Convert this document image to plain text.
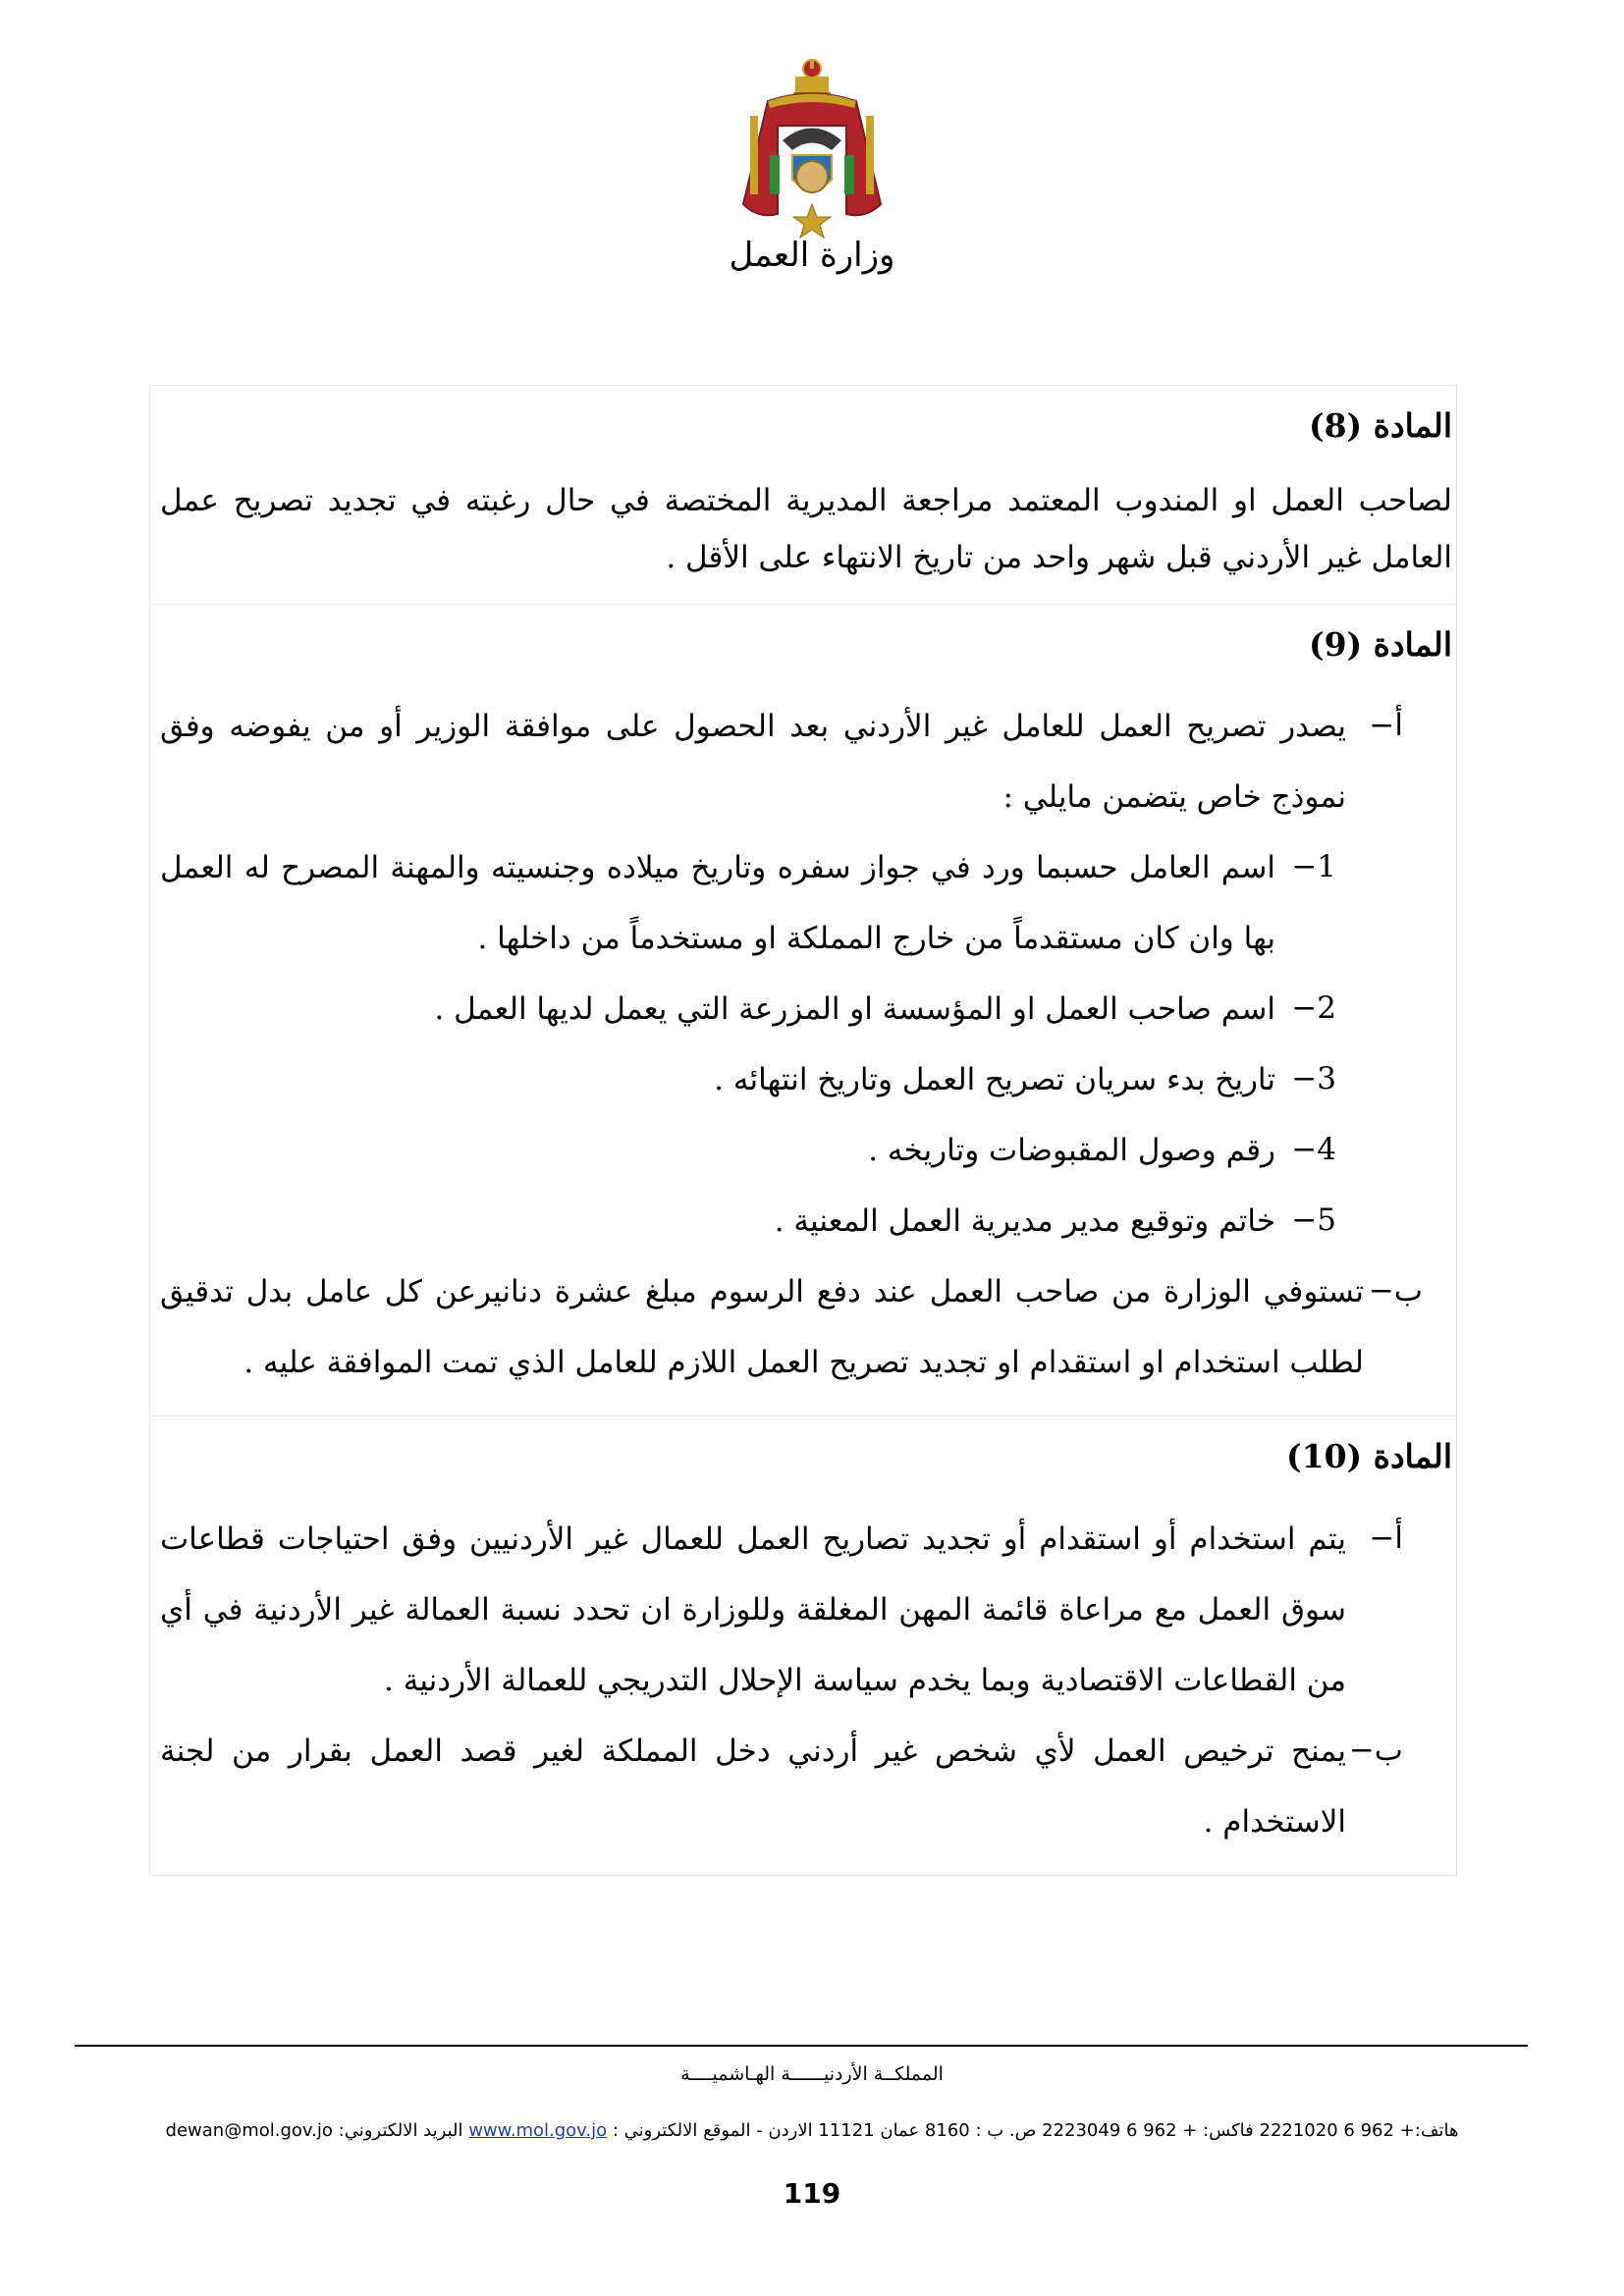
وزارة العمل
المادة (8)

لصاحب العمل او المندوب المعتمد مراجعة المديرية المختصة في حال رغبته في تجديد تصريح عمل العامل غير الأردني قبل شهر واحد من تاريخ الانتهاء على الأقل .

المادة (9)
أ−
يصدر تصريح العمل للعامل غير الأردني بعد الحصول على موافقة الوزير أو من يفوضه وفق نموذج خاص يتضمن مايلي :
1−
اسم العامل حسبما ورد في جواز سفره وتاريخ ميلاده وجنسيته والمهنة المصرح له العمل بها وان كان مستقدماً من خارج المملكة او مستخدماً من داخلها .
2−
اسم صاحب العمل او المؤسسة او المزرعة التي يعمل لديها العمل .
3−
تاريخ بدء سريان تصريح العمل وتاريخ انتهائه .
4−
رقم وصول المقبوضات وتاريخه .
5−
خاتم وتوقيع مدير مديرية العمل المعنية .
ب−
تستوفي الوزارة من صاحب العمل عند دفع الرسوم مبلغ عشرة دنانيرعن كل عامل بدل تدقيق لطلب استخدام او استقدام او تجديد تصريح العمل اللازم للعامل الذي تمت الموافقة عليه .
المادة (10)
أ−
يتم استخدام أو استقدام أو تجديد تصاريح العمل للعمال غير الأردنيين وفق احتياجات قطاعات سوق العمل مع مراعاة قائمة المهن المغلقة وللوزارة ان تحدد نسبة العمالة غير الأردنية في أي من القطاعات الاقتصادية وبما يخدم سياسة الإحلال التدريجي للعمالة الأردنية .
ب−
يمنح ترخيص العمل لأي شخص غير أردني دخل المملكة لغير قصد العمل بقرار من لجنة الاستخدام .
المملكــة الأردنيــــــة الهـاشميــــة
هاتف:+ 962 6 2221020 فاكس: + 962 6 2223049 ص. ب : 8160 عمان 11121 الاردن - الموقع الالكتروني : www.mol.gov.jo البريد الالكتروني: dewan@mol.gov.jo
119
